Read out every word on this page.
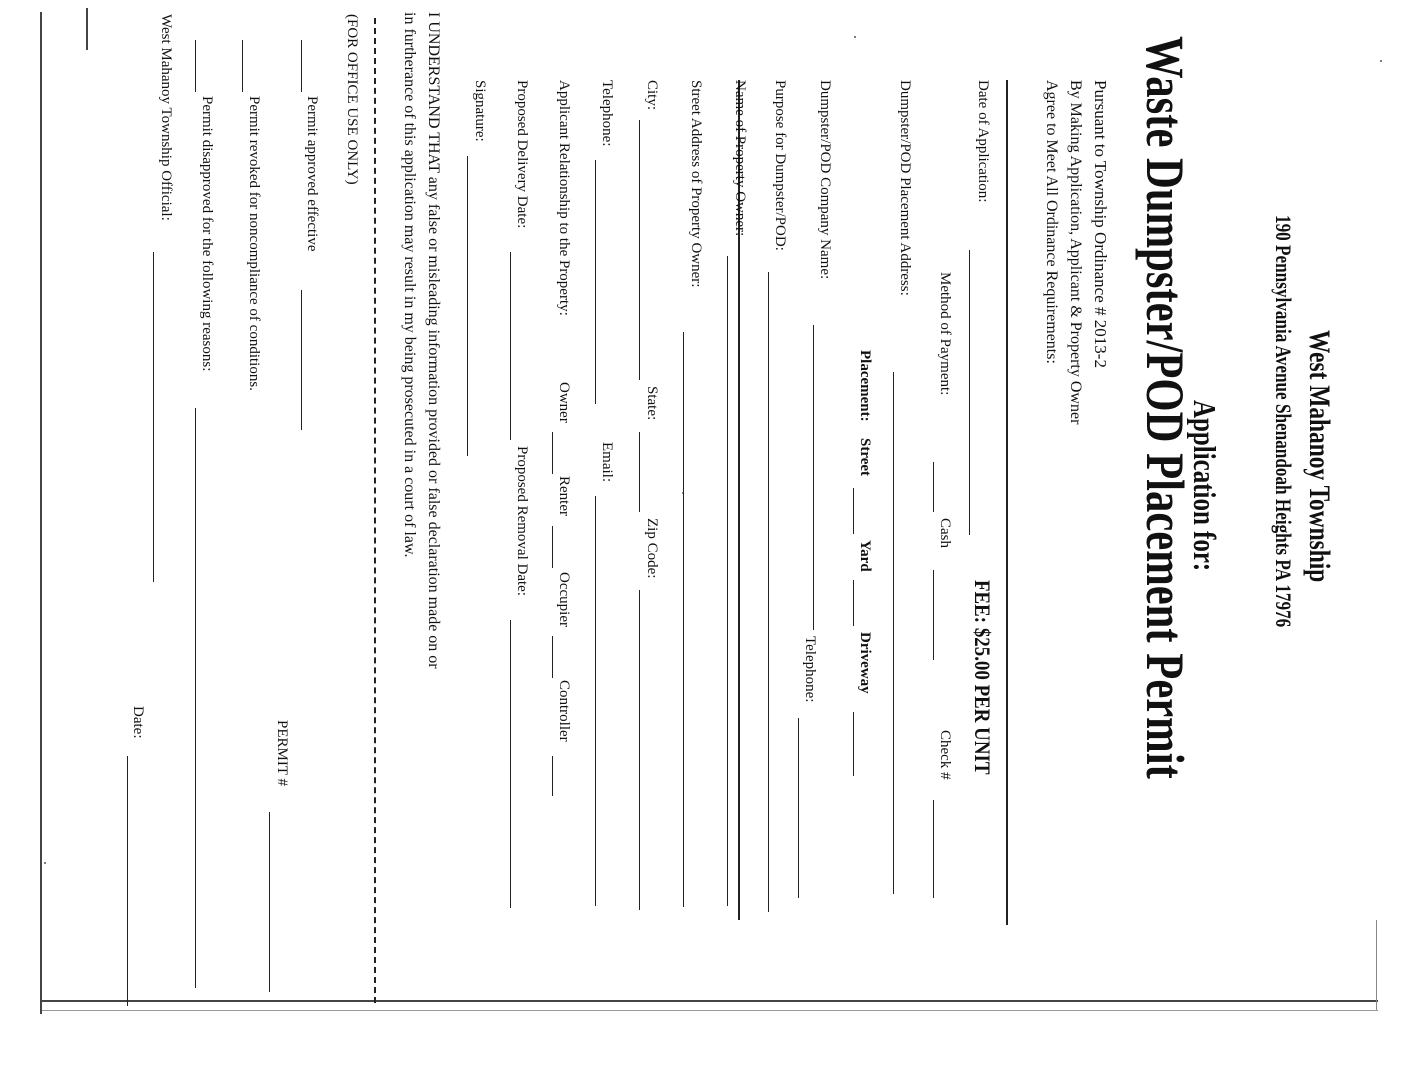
West Mahanoy Township
190 Pennsylvania Avenue Shenandoah Heights PA 17976
Application for:
Waste Dumpster/POD Placement Permit
Pursuant to Township Ordinance # 2013-2
By Making Application, Applicant & Property Owner
Agree to Meet All Ordinance Requirements:
Date of Application:
FEE: $25.00 PER UNIT
Method of Payment:
Cash
Check #
Dumpster/POD Placement Address:
Placement:
Street
Yard
Driveway
Dumpster/POD Company Name:
Telephone:
Purpose for Dumpster/POD:
Name of Property Owner:
Street Address of Property Owner:
City:
State:
Zip Code:
Telephone:
Email:
Applicant Relationship to the Property:
Owner
Renter
Occupier
Controller
Proposed Delivery Date:
Proposed Removal Date:
Signature:
I UNDERSTAND THAT any false or misleading information provided or false declaration made on or
in furtherance of this application may result in my being prosecuted in a court of law.
(FOR OFFICE USE ONLY)
Permit approved effective
PERMIT #
Permit revoked for noncompliance of conditions.
Permit disapproved for the following reasons:
West Mahanoy Township Official:
Date:
